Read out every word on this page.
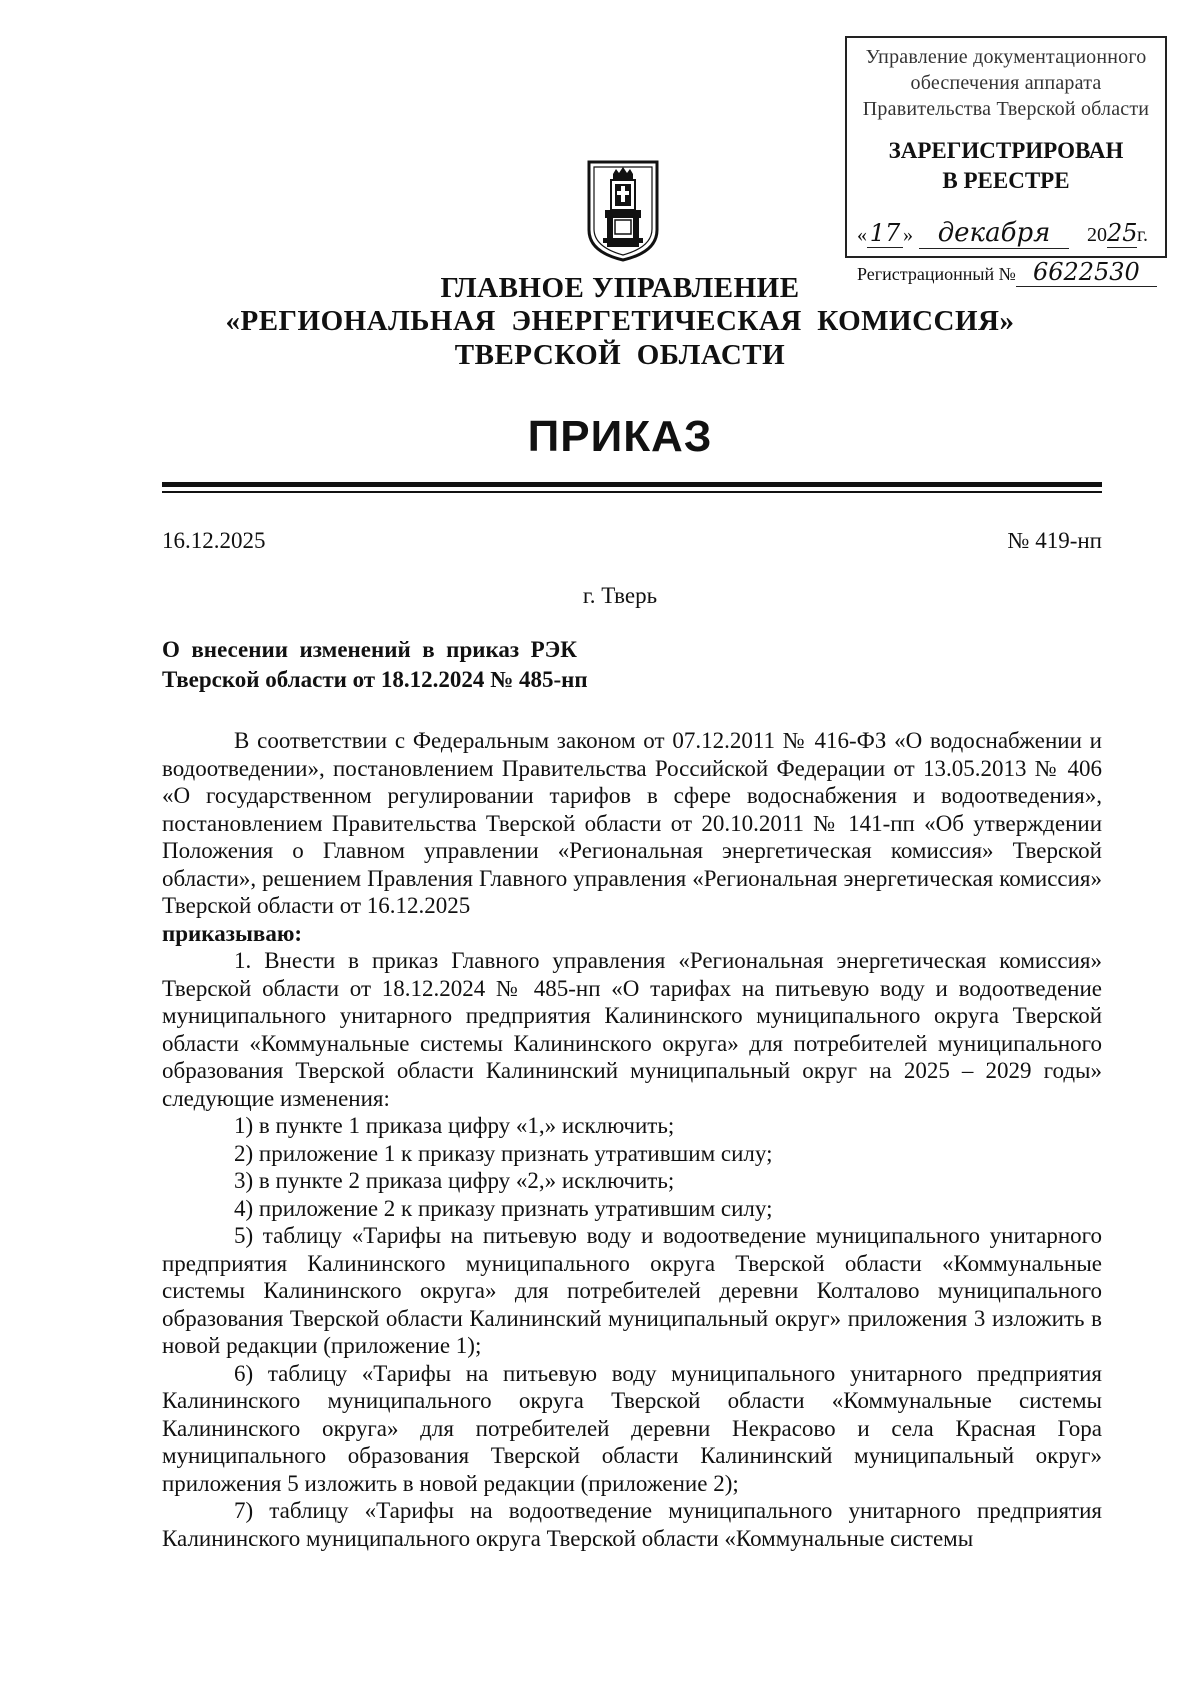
Управление документационного
обеспечения аппарата
Правительства Тверской области
ЗАРЕГИСТРИРОВАН
В РЕЕСТРЕ
« 17 » декабря	20 25 г.
Регистрационный № 6622530
ГЛАВНОЕ УПРАВЛЕНИЕ
«РЕГИОНАЛЬНАЯ  ЭНЕРГЕТИЧЕСКАЯ  КОМИССИЯ»
ТВЕРСКОЙ  ОБЛАСТИ
ПРИКАЗ
16.12.2025	№ 419-нп
г. Тверь
О  внесении  изменений  в  приказ  РЭК
Тверской области от 18.12.2024 № 485-нп

В соответствии с Федеральным законом от 07.12.2011 № 416-ФЗ «О водоснабжении и водоотведении», постановлением Правительства Российской Федерации от 13.05.2013 № 406 «О государственном регулировании тарифов в сфере водоснабжения и водоотведения», постановлением Правительства Тверской области от 20.10.2011 № 141-пп «Об утверждении Положения о Главном управлении «Региональная энергетическая комиссия» Тверской области», решением Правления Главного управления «Региональная энергетическая комиссия» Тверской области от 16.12.2025

приказываю:

1. Внести в приказ Главного управления «Региональная энергетическая комиссия» Тверской области от 18.12.2024 № 485-нп «О тарифах на питьевую воду и водоотведение муниципального унитарного предприятия Калининского муниципального округа Тверской области «Коммунальные системы Калининского округа» для потребителей муниципального образования Тверской области Калининский муниципальный округ на 2025 – 2029 годы» следующие изменения:

1) в пункте 1 приказа цифру «1,» исключить;

2) приложение 1 к приказу признать утратившим силу;

3) в пункте 2 приказа цифру «2,» исключить;

4) приложение 2 к приказу признать утратившим силу;

5) таблицу «Тарифы на питьевую воду и водоотведение муниципального унитарного предприятия Калининского муниципального округа Тверской области «Коммунальные системы Калининского округа» для потребителей деревни Колталово муниципального образования Тверской области Калининский муниципальный округ» приложения 3 изложить в новой редакции (приложение 1);

6) таблицу «Тарифы на питьевую воду муниципального унитарного предприятия Калининского муниципального округа Тверской области «Коммунальные системы Калининского округа» для потребителей деревни Некрасово и села Красная Гора муниципального образования Тверской области Калининский муниципальный округ» приложения 5 изложить в новой редакции (приложение 2);

7) таблицу «Тарифы на водоотведение муниципального унитарного предприятия Калининского муниципального округа Тверской области «Коммунальные системы
